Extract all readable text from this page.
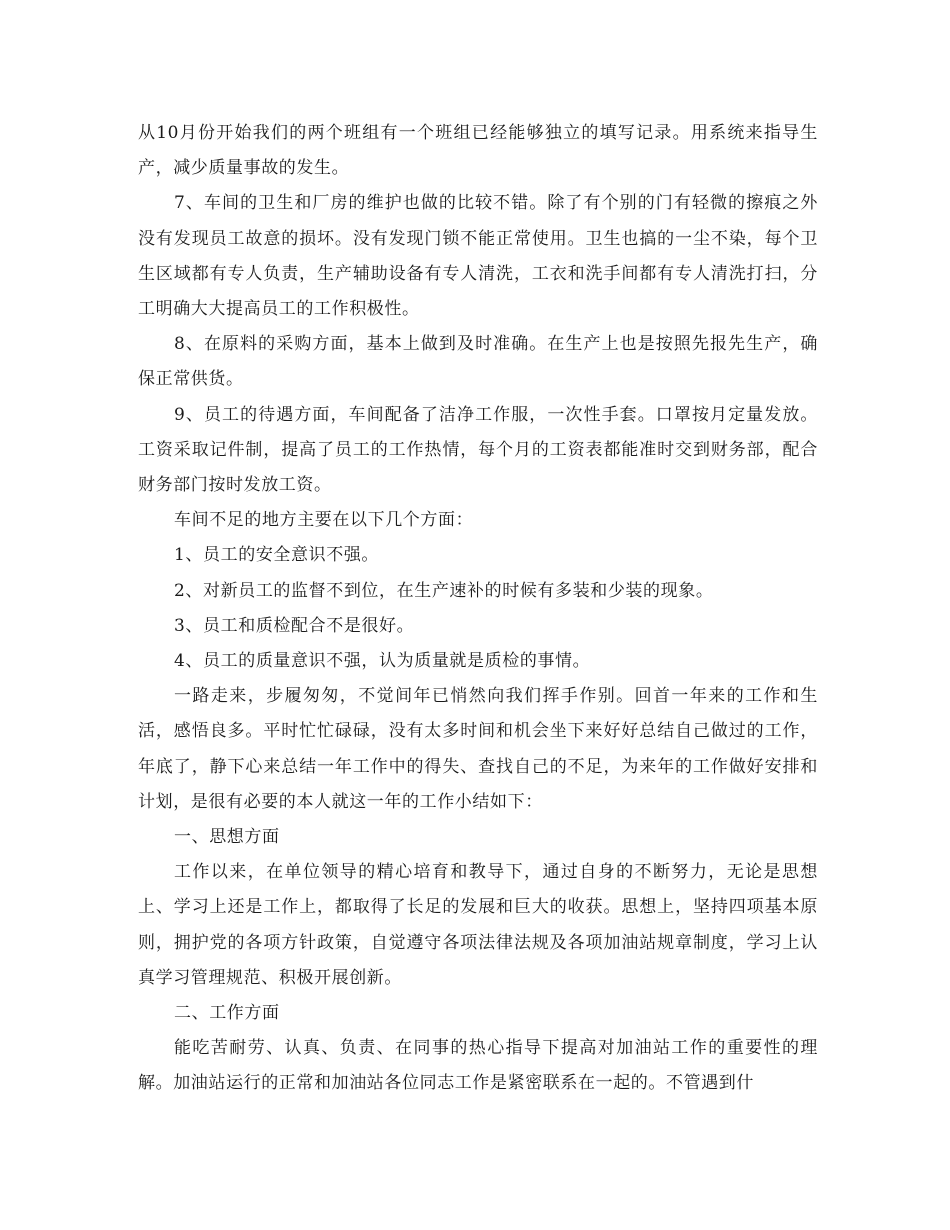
从10月份开始我们的两个班组有一个班组已经能够独立的填写记录。用系统来指导生产，减少质量事故的发生。

7、车间的卫生和厂房的维护也做的比较不错。除了有个别的门有轻微的擦痕之外没有发现员工故意的损坏。没有发现门锁不能正常使用。卫生也搞的一尘不染，每个卫生区域都有专人负责，生产辅助设备有专人清洗，工衣和洗手间都有专人清洗打扫，分工明确大大提高员工的工作积极性。

8、在原料的采购方面，基本上做到及时准确。在生产上也是按照先报先生产，确保正常供货。

9、员工的待遇方面，车间配备了洁净工作服，一次性手套。口罩按月定量发放。工资采取记件制，提高了员工的工作热情，每个月的工资表都能准时交到财务部，配合财务部门按时发放工资。

车间不足的地方主要在以下几个方面：

1、员工的安全意识不强。

2、对新员工的监督不到位，在生产速补的时候有多装和少装的现象。

3、员工和质检配合不是很好。

4、员工的质量意识不强，认为质量就是质检的事情。

一路走来，步履匆匆，不觉间年已悄然向我们挥手作别。回首一年来的工作和生活，感悟良多。平时忙忙碌碌，没有太多时间和机会坐下来好好总结自己做过的工作，年底了，静下心来总结一年工作中的得失、查找自己的不足，为来年的工作做好安排和计划，是很有必要的本人就这一年的工作小结如下：

一、思想方面

工作以来，在单位领导的精心培育和教导下，通过自身的不断努力，无论是思想上、学习上还是工作上，都取得了长足的发展和巨大的收获。思想上，坚持四项基本原则，拥护党的各项方针政策，自觉遵守各项法律法规及各项加油站规章制度，学习上认真学习管理规范、积极开展创新。

二、工作方面

能吃苦耐劳、认真、负责、在同事的热心指导下提高对加油站工作的重要性的理解。加油站运行的正常和加油站各位同志工作是紧密联系在一起的。不管遇到什
